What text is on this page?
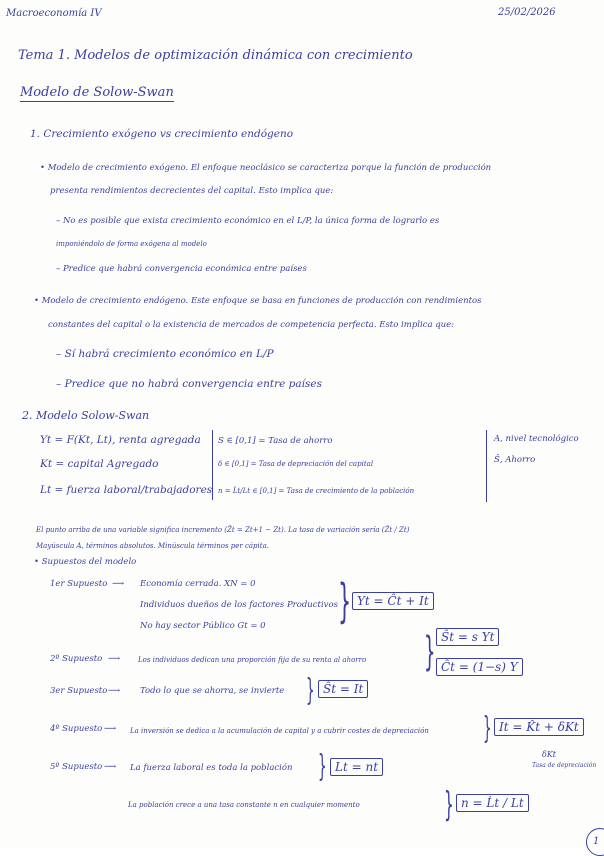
Macroeconomía IV	25/02/2026
Tema 1. Modelos de optimización dinámica con crecimiento
Modelo de Solow-Swan
1. Crecimiento exógeno vs crecimiento endógeno
• Modelo de crecimiento exógeno. El enfoque neoclásico se caracteriza porque la función de producción
presenta rendimientos decrecientes del capital. Esto implica que:
– No es posible que exista crecimiento económico en el L/P, la única forma de lograrlo es
imponiéndolo de forma exógena al modelo
– Predice que habrá convergencia económica entre países
• Modelo de crecimiento endógeno. Este enfoque se basa en funciones de producción con rendimientos
constantes del capital o la existencia de mercados de competencia perfecta. Esto implica que:
– Sí habrá crecimiento económico en L/P
– Predice que no habrá convergencia entre países
2. Modelo Solow-Swan
Yt = F(Kt, Lt), renta agregada
Kt = capital Agregado
Lt = fuerza laboral/trabajadores
S ∈ [0,1] = Tasa de ahorro
δ ∈ [0,1] = Tasa de depreciación del capital
n = L̇t/Lt ∈ [0,1] = Tasa de crecimiento de la población
A, nivel tecnológico
Ŝ, Ahorro
El punto arriba de una variable significa incremento (Ẑt = Zt+1 − Zt). La tasa de variación sería (Ẑt / Zt)
Mayúscula A, términos absolutos. Minúscula términos per cápita.
• Supuestos del modelo
1er Supuesto ⟶ Economía cerrada. XN = 0
Individuos dueños de los factores Productivos
No hay sector Público Gt = 0 } Yt = Ĉt + It
2º Supuesto ⟶	Los individuos dedican una proporción fija de su renta al ahorro } Ŝt = s Yt
Ĉt = (1−s) Y
3er Supuesto ⟶ Todo lo que se ahorra, se invierte } Ŝt = It
4º Supuesto ⟶ La inversión se dedica a la acumulación de capital y a cubrir costes de depreciación } It = K̂t + δKt
δKt
Tasa de depreciación
5º Supuesto ⟶ La fuerza laboral es toda la población } Lt = nt
La población crece a una tasa constante n en cualquier momento } n = L̇t / Lt
1
